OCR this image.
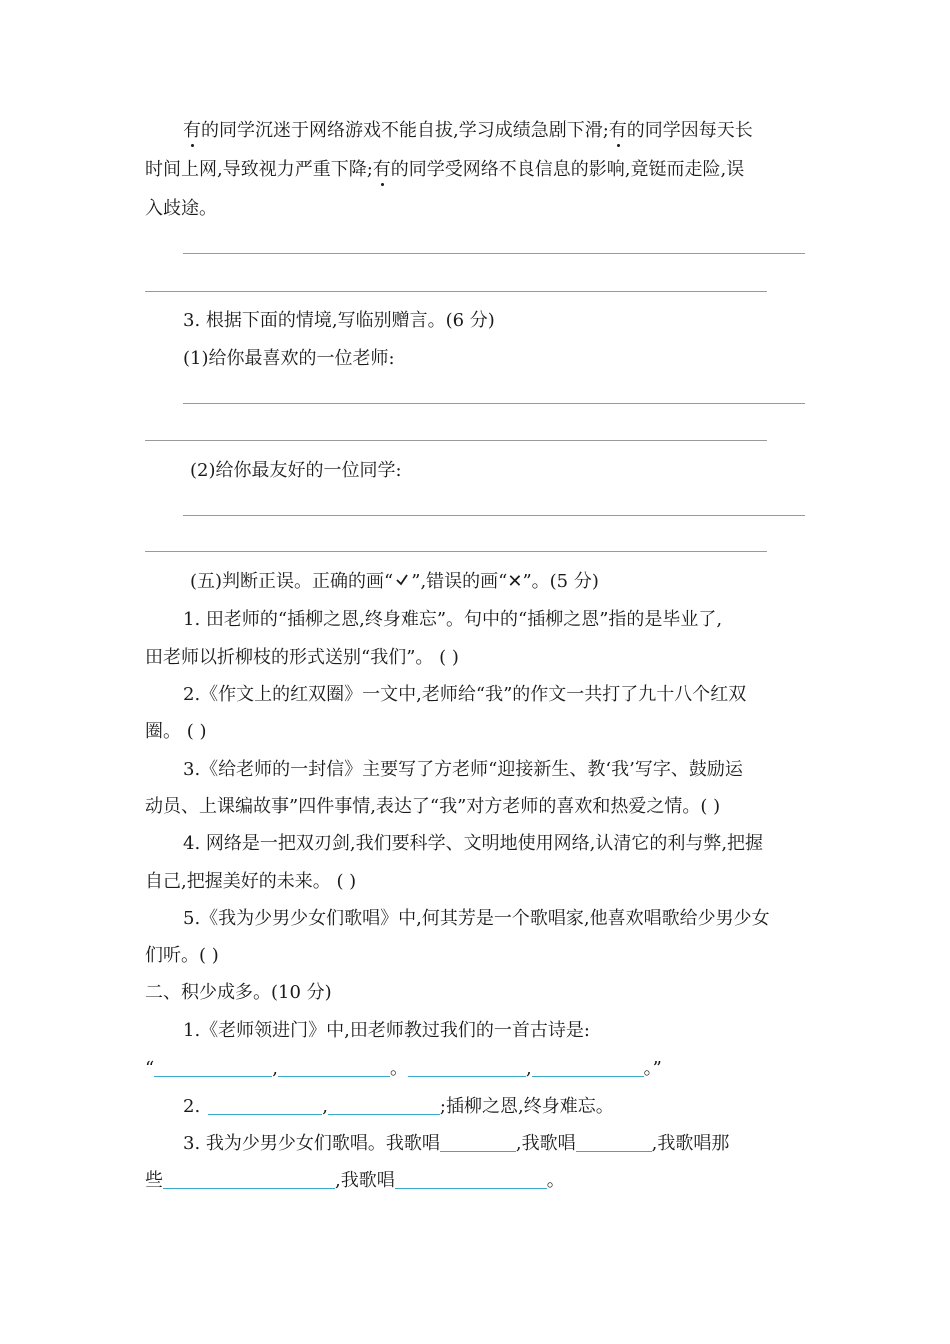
有的同学沉迷于网络游戏不能自拔,学习成绩急剧下滑;有的同学因每天长
时间上网,导致视力严重下降;有的同学受网络不良信息的影响,竟铤而走险,误
入歧途。
3. 根据下面的情境,写临别赠言。(6 分)
(1)给你最喜欢的一位老师:
(2)给你最友好的一位同学:
(五)判断正误。正确的画“ ”,错误的画“✕”。(5 分)
1. 田老师的“插柳之恩,终身难忘”。句中的“插柳之恩”指的是毕业了,
田老师以折柳枝的形式送别“我们”。 ( )
2.《作文上的红双圈》一文中,老师给“我”的作文一共打了九十八个红双
圈。 ( )
3.《给老师的一封信》主要写了方老师“迎接新生、教‘我’写字、鼓励运
动员、上课编故事”四件事情,表达了“我”对方老师的喜欢和热爱之情。( )
4. 网络是一把双刃剑,我们要科学、文明地使用网络,认清它的利与弊,把握
自己,把握美好的未来。 ( )
5.《我为少男少女们歌唱》中,何其芳是一个歌唱家,他喜欢唱歌给少男少女
们听。( )
二、积少成多。(10 分)
1.《老师领进门》中,田老师教过我们的一首古诗是:
“	,	。	,	。”
2.	,	;插柳之恩,终身难忘。
3. 我为少男少女们歌唱。我歌唱	,我歌唱	,我歌唱那
些	,我歌唱	。
